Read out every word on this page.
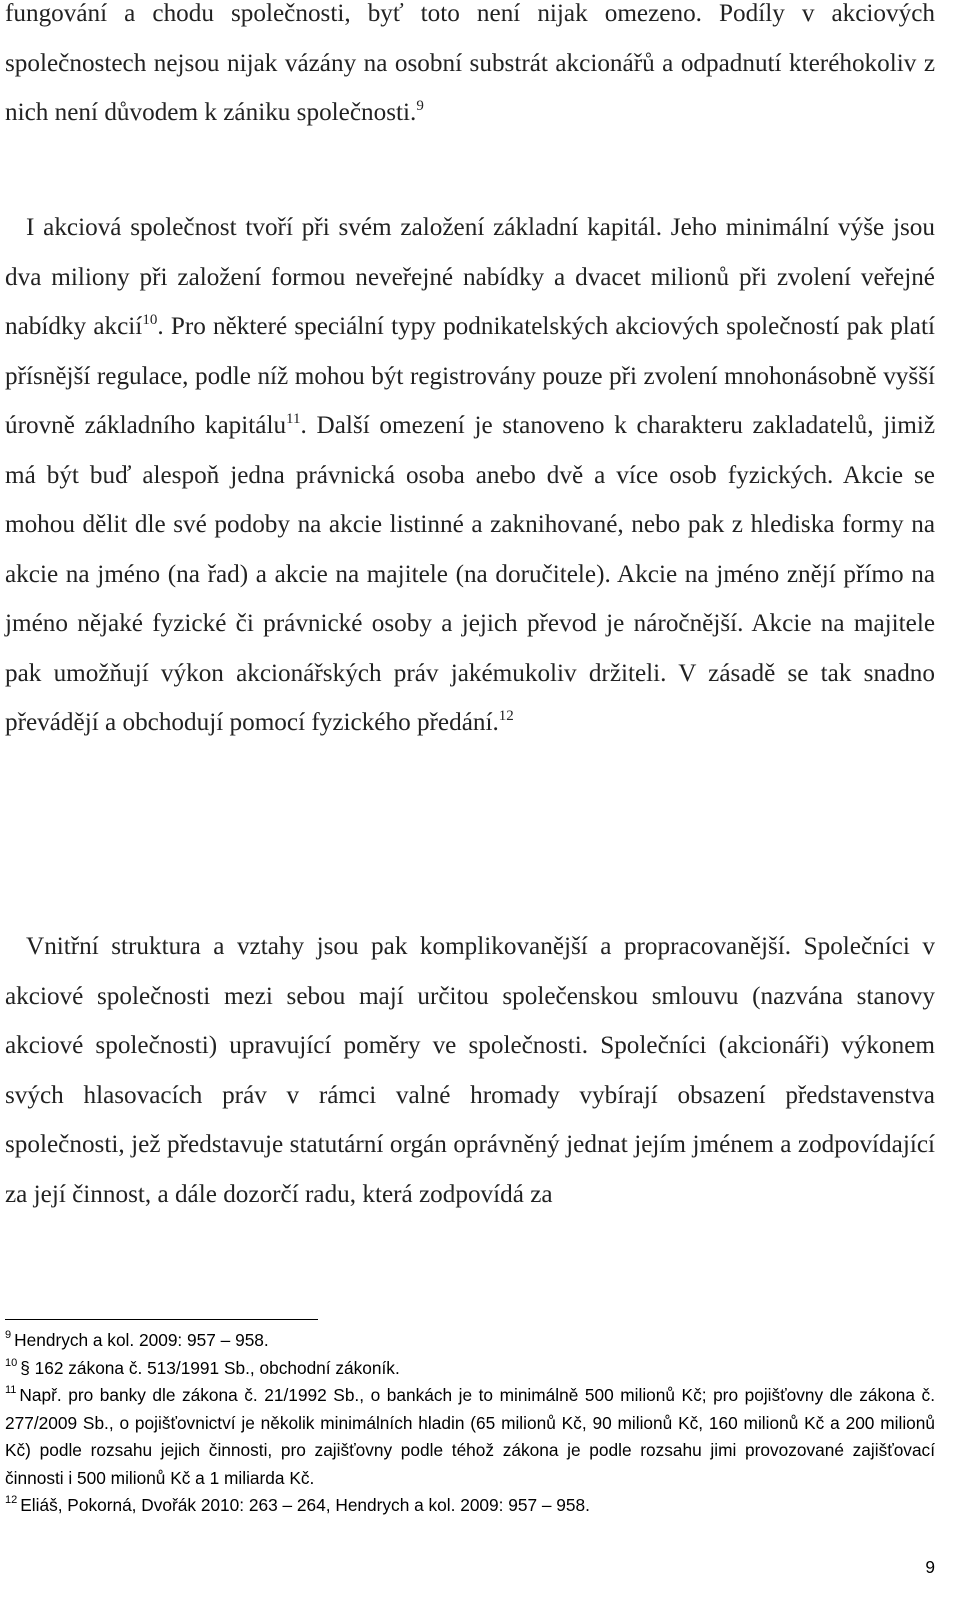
fungování a chodu společnosti, byť toto není nijak omezeno. Podíly v akciových společnostech nejsou nijak vázány na osobní substrát akcionářů a odpadnutí kteréhokoliv z nich není důvodem k zániku společnosti.$^9$

I akciová společnost tvoří při svém založení základní kapitál. Jeho minimální výše jsou dva miliony při založení formou neveřejné nabídky a dvacet milionů při zvolení veřejné nabídky akcií$^{10}$. Pro některé speciální typy podnikatelských akciových společností pak platí přísnější regulace, podle níž mohou být registrovány pouze při zvolení mnohonásobně vyšší úrovně základního kapitálu$^{11}$. Další omezení je stanoveno k charakteru zakladatelů, jimiž má být buď alespoň jedna právnická osoba anebo dvě a více osob fyzických. Akcie se mohou dělit dle své podoby na akcie listinné a zaknihované, nebo pak z hlediska formy na akcie na jméno (na řad) a akcie na majitele (na doručitele). Akcie na jméno znějí přímo na jméno nějaké fyzické či právnické osoby a jejich převod je náročnější. Akcie na majitele pak umožňují výkon akcionářských práv jakémukoliv držiteli. V zásadě se tak snadno převádějí a obchodují pomocí fyzického předání.$^{12}$

Vnitřní struktura a vztahy jsou pak komplikovanější a propracovanější. Společníci v akciové společnosti mezi sebou mají určitou společenskou smlouvu (nazvána stanovy akciové společnosti) upravující poměry ve společnosti. Společníci (akcionáři) výkonem svých hlasovacích práv v rámci valné hromady vybírají obsazení představenstva společnosti, jež představuje statutární orgán oprávněný jednat jejím jménem a zodpovídající za její činnost, a dále dozorčí radu, která zodpovídá za

$^9$ Hendrych a kol. 2009: 957 – 958.

$^{10}$ § 162 zákona č. 513/1991 Sb., obchodní zákoník.

$^{11}$ Např. pro banky dle zákona č. 21/1992 Sb., o bankách je to minimálně 500 milionů Kč; pro pojišťovny dle zákona č. 277/2009 Sb., o pojišťovnictví je několik minimálních hladin (65 milionů Kč, 90 milionů Kč, 160 milionů Kč a 200 milionů Kč) podle rozsahu jejich činnosti, pro zajišťovny podle téhož zákona je podle rozsahu jimi provozované zajišťovací činnosti i 500 milionů Kč a 1 miliarda Kč.

$^{12}$ Eliáš, Pokorná, Dvořák 2010: 263 – 264, Hendrych a kol. 2009: 957 – 958.

9
